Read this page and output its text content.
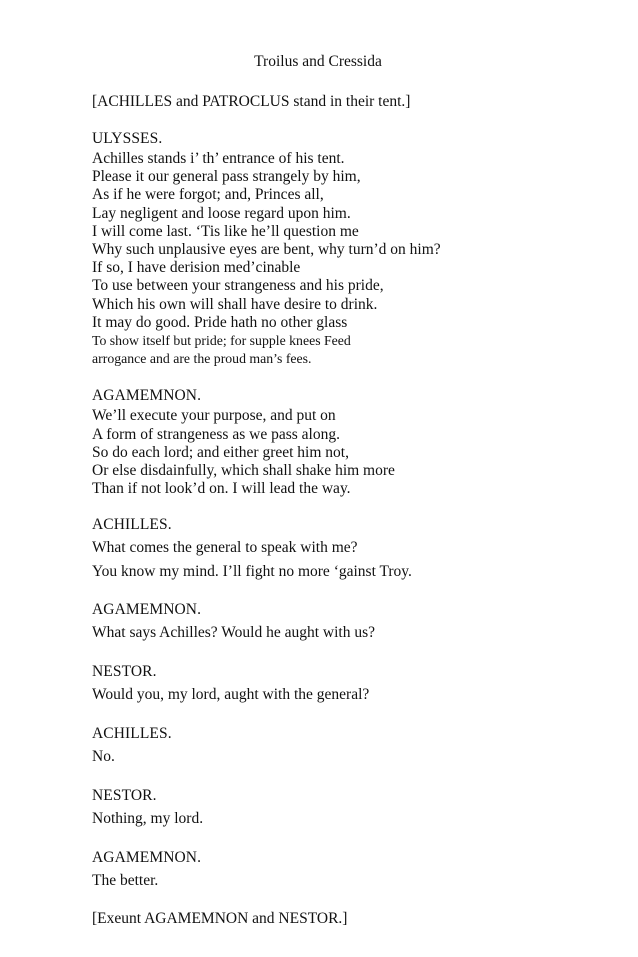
Troilus and Cressida

[ACHILLES and PATROCLUS stand in their tent.]

ULYSSES.
Achilles stands i’ th’ entrance of his tent.
Please it our general pass strangely by him,
As if he were forgot; and, Princes all,
Lay negligent and loose regard upon him.
I will come last. ‘Tis like he’ll question me
Why such unplausive eyes are bent, why turn’d on him?
If so, I have derision med’cinable
To use between your strangeness and his pride,
Which his own will shall have desire to drink.
It may do good. Pride hath no other glass
To show itself but pride; for supple knees Feed
arrogance and are the proud man’s fees.
AGAMEMNON.
We’ll execute your purpose, and put on
A form of strangeness as we pass along.
So do each lord; and either greet him not,
Or else disdainfully, which shall shake him more
Than if not look’d on. I will lead the way.
ACHILLES.
What comes the general to speak with me?
You know my mind. I’ll fight no more ‘gainst Troy.
AGAMEMNON.
What says Achilles? Would he aught with us?
NESTOR.
Would you, my lord, aught with the general?
ACHILLES.
No.
NESTOR.
Nothing, my lord.
AGAMEMNON.
The better.

[Exeunt AGAMEMNON and NESTOR.]
